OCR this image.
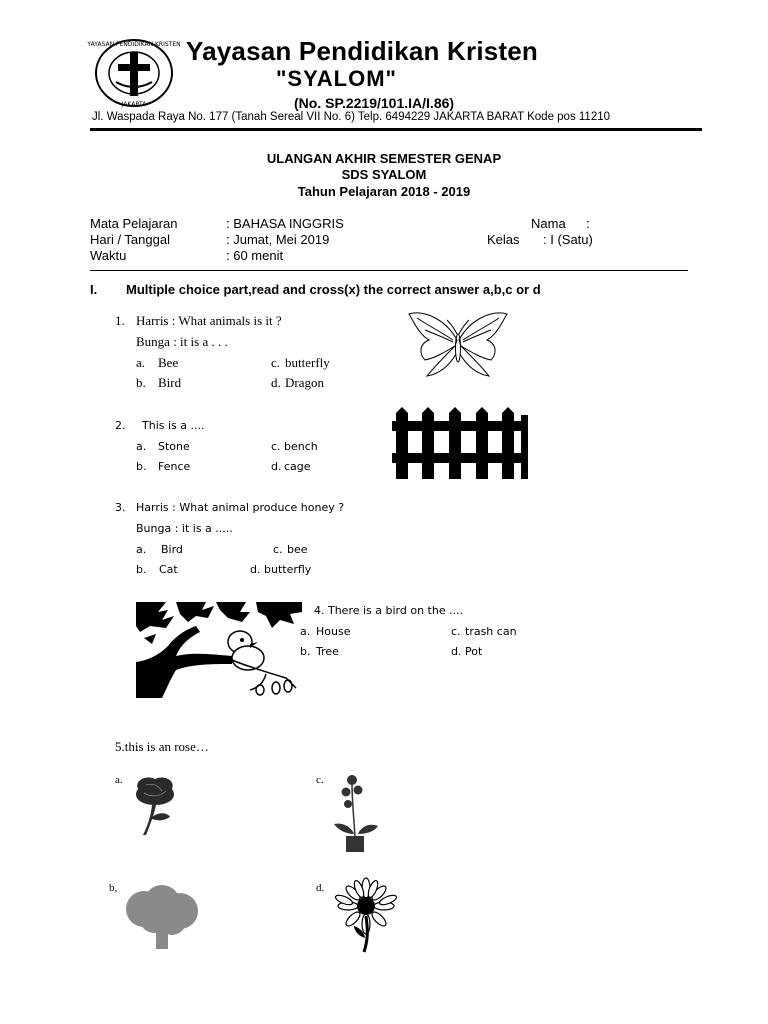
YAYASAN PENDIDIKAN KRISTEN
* JAKARTA *
Yayasan Pendidikan Kristen
"SYALOM"
(No. SP.2219/101.IA/I.86)
Jl. Waspada Raya No. 177 (Tanah Sereal VII No. 6) Telp. 6494229 JAKARTA BARAT Kode pos 11210
ULANGAN AKHIR SEMESTER GENAP
SDS SYALOM
Tahun Pelajaran 2018 - 2019
Mata Pelajaran	: BAHASA INGGRIS	Nama :
Hari / Tanggal	: Jumat, Mei 2019	Kelas : I (Satu)
Waktu	: 60 menit
I. Multiple choice part,read and cross(x) the correct answer a,b,c or d
1. Harris : What animals is it ?
Bunga : it is a . . .
a. Bee	c. butterfly
b. Bird	d. Dragon
2. This is a ....
a. Stone	c. bench
b. Fence	d. cage
3. Harris : What animal produce honey ?
Bunga : it is a .....
a. Bird	c. bee
b. Cat	d. butterfly
4. There is a bird on the ....
a. House	c. trash can
b. Tree	d. Pot
5.this is an rose…
a.	c.
b,	d.
